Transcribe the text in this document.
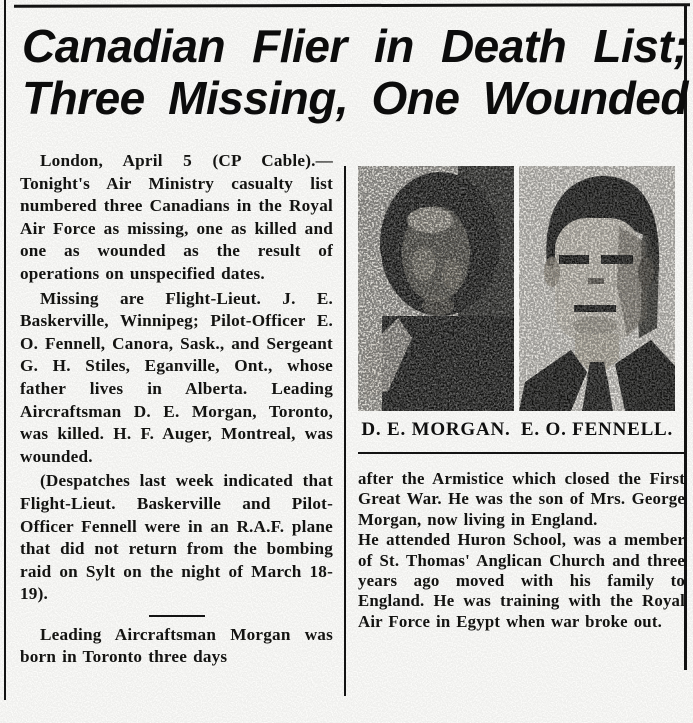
Canadian Flier in Death List;
Three Missing, One Wounded

London, April 5 (CP Cable).—Tonight's Air Ministry casualty list numbered three Canadians in the Royal Air Force as missing, one as killed and one as wounded as the result of operations on unspecified dates.

Missing are Flight-Lieut. J. E. Baskerville, Winnipeg; Pilot-Officer E. O. Fennell, Canora, Sask., and Sergeant G. H. Stiles, Eganville, Ont., whose father lives in Alberta. Leading Aircraftsman D. E. Morgan, Toronto, was killed. H. F. Auger, Montreal, was wounded.

(Despatches last week indicated that Flight-Lieut. Baskerville and Pilot-Officer Fennell were in an R.A.F. plane that did not return from the bombing raid on Sylt on the night of March 18-19).

Leading Aircraftsman Morgan was born in Toronto three days

D. E. MORGAN. E. O. FENNELL.

after the Armistice which closed the First Great War. He was the son of Mrs. George Morgan, now living in England.

He attended Huron School, was a member of St. Thomas' Anglican Church and three years ago moved with his family to England. He was training with the Royal Air Force in Egypt when war broke out.
